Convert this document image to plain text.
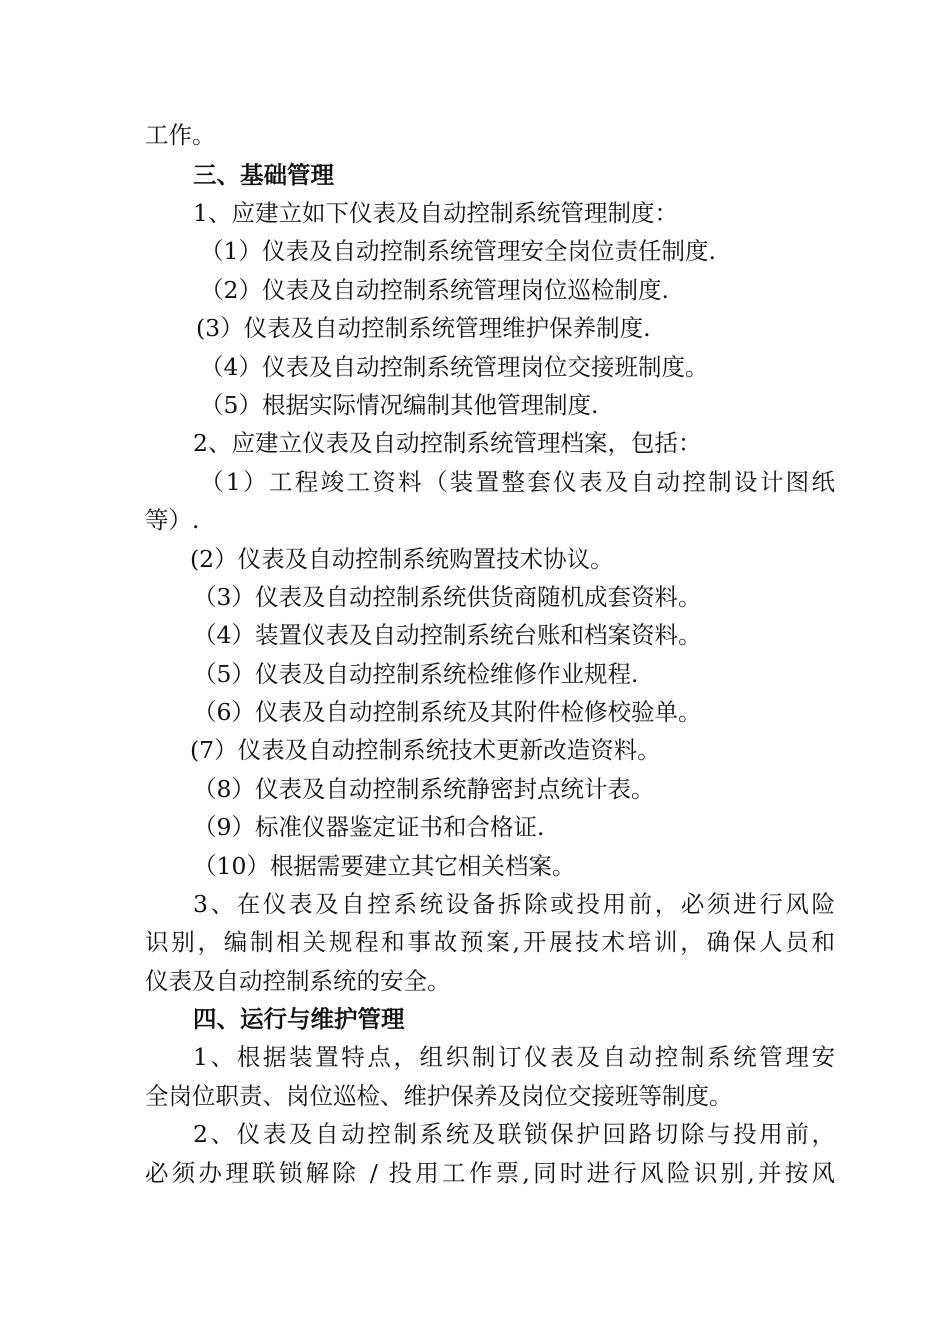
工作。
三、基础管理
1、应建立如下仪表及自动控制系统管理制度：
（1）仪表及自动控制系统管理安全岗位责任制度.
（2）仪表及自动控制系统管理岗位巡检制度.
(3）仪表及自动控制系统管理维护保养制度.
（4）仪表及自动控制系统管理岗位交接班制度。
（5）根据实际情况编制其他管理制度.
2、应建立仪表及自动控制系统管理档案，包括：
（1）工程竣工资料（装置整套仪表及自动控制设计图纸
等）.
(2）仪表及自动控制系统购置技术协议。
（3）仪表及自动控制系统供货商随机成套资料。
（4）装置仪表及自动控制系统台账和档案资料。
（5）仪表及自动控制系统检维修作业规程.
（6）仪表及自动控制系统及其附件检修校验单。
(7）仪表及自动控制系统技术更新改造资料。
（8）仪表及自动控制系统静密封点统计表。
（9）标准仪器鉴定证书和合格证.
（10）根据需要建立其它相关档案。
3、在仪表及自控系统设备拆除或投用前，必须进行风险
识别，编制相关规程和事故预案,开展技术培训，确保人员和
仪表及自动控制系统的安全。
四、运行与维护管理
1、根据装置特点，组织制订仪表及自动控制系统管理安
全岗位职责、岗位巡检、维护保养及岗位交接班等制度。
2、仪表及自动控制系统及联锁保护回路切除与投用前，
必须办理联锁解除 / 投用工作票,同时进行风险识别,并按风
